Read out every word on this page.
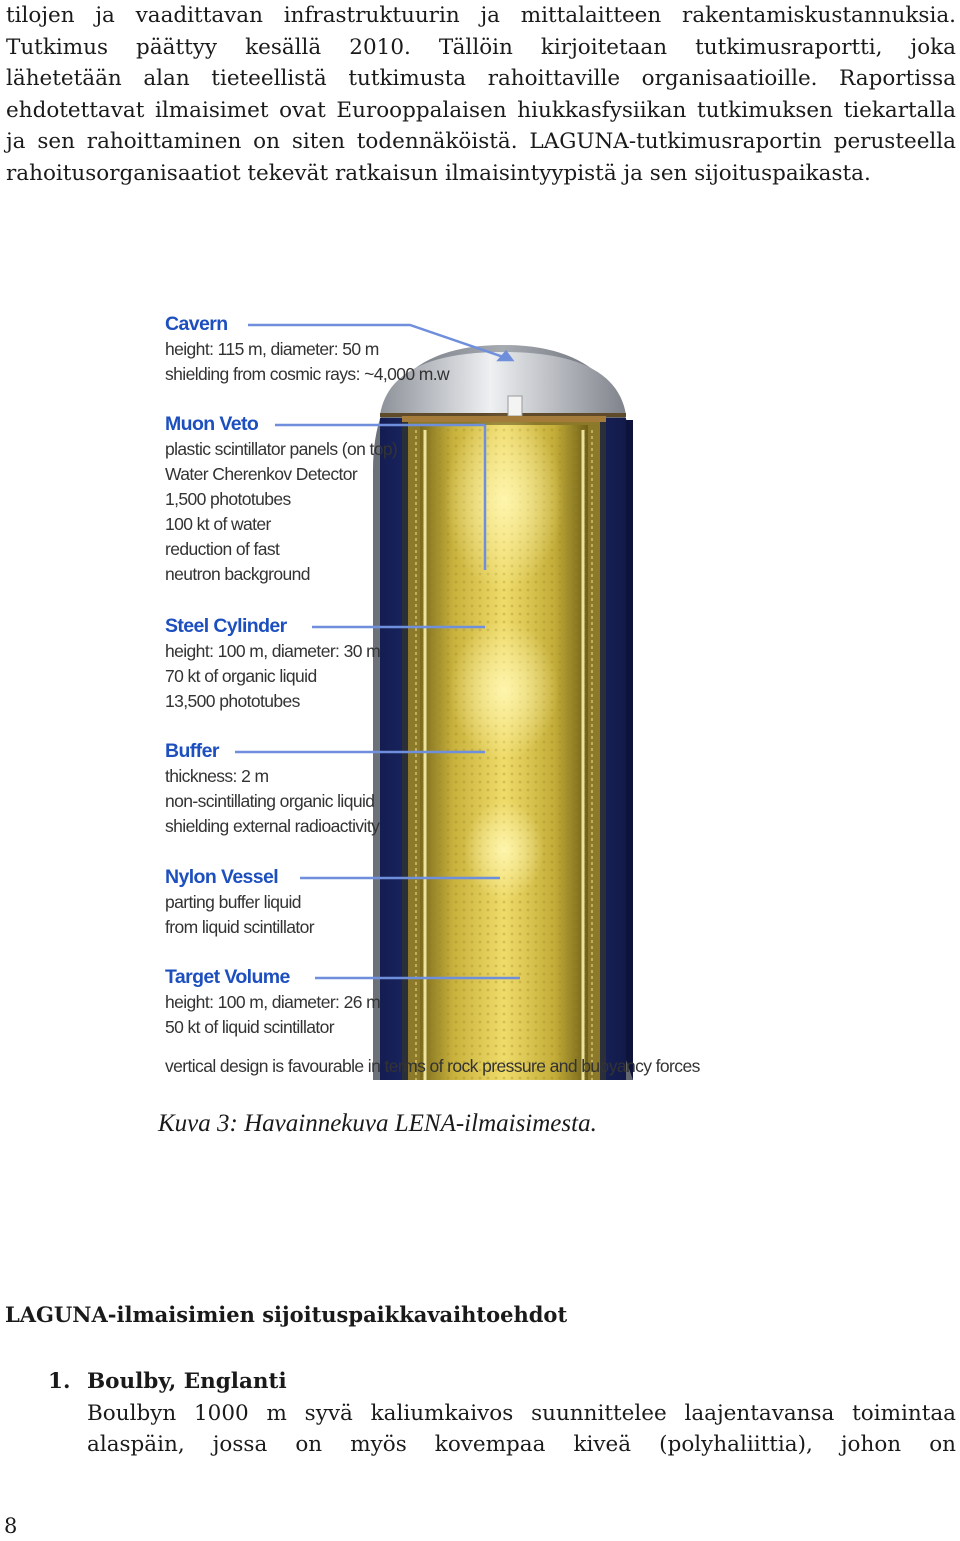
tilojen ja vaadittavan infrastruktuurin ja mittalaitteen rakentamiskustannuksia.
Tutkimus päättyy kesällä 2010. Tällöin kirjoitetaan tutkimusraportti, joka
lähetetään alan tieteellistä tutkimusta rahoittaville organisaatioille. Raportissa
ehdotettavat ilmaisimet ovat Eurooppalaisen hiukkasfysiikan tutkimuksen tiekartalla
ja sen rahoittaminen on siten todennäköistä. LAGUNA-tutkimusraportin perusteella
rahoitusorganisaatiot tekevät ratkaisun ilmaisintyypistä ja sen sijoituspaikasta.
Cavern
height: 115 m, diameter: 50 m
shielding from cosmic rays: ~4,000 m.w
Muon Veto
plastic scintillator panels (on top)
Water Cherenkov Detector
1,500 phototubes
100 kt of water
reduction of fast
neutron background
Steel Cylinder
height: 100 m, diameter: 30 m
70 kt of organic liquid
13,500 phototubes
Buffer
thickness: 2 m
non-scintillating organic liquid
shielding external radioactivity
Nylon Vessel
parting buffer liquid
from liquid scintillator
Target Volume
height: 100 m, diameter: 26 m
50 kt of liquid scintillator
vertical design is favourable in terms of rock pressure and buoyancy forces
Kuva 3: Havainnekuva LENA-ilmaisimesta.
LAGUNA-ilmaisimien sijoituspaikkavaihtoehdot
1. Boulby, Englanti
Boulbyn 1000 m syvä kaliumkaivos suunnittelee laajentavansa toimintaa
alaspäin, jossa on myös kovempaa kiveä (polyhaliittia), johon on
8
